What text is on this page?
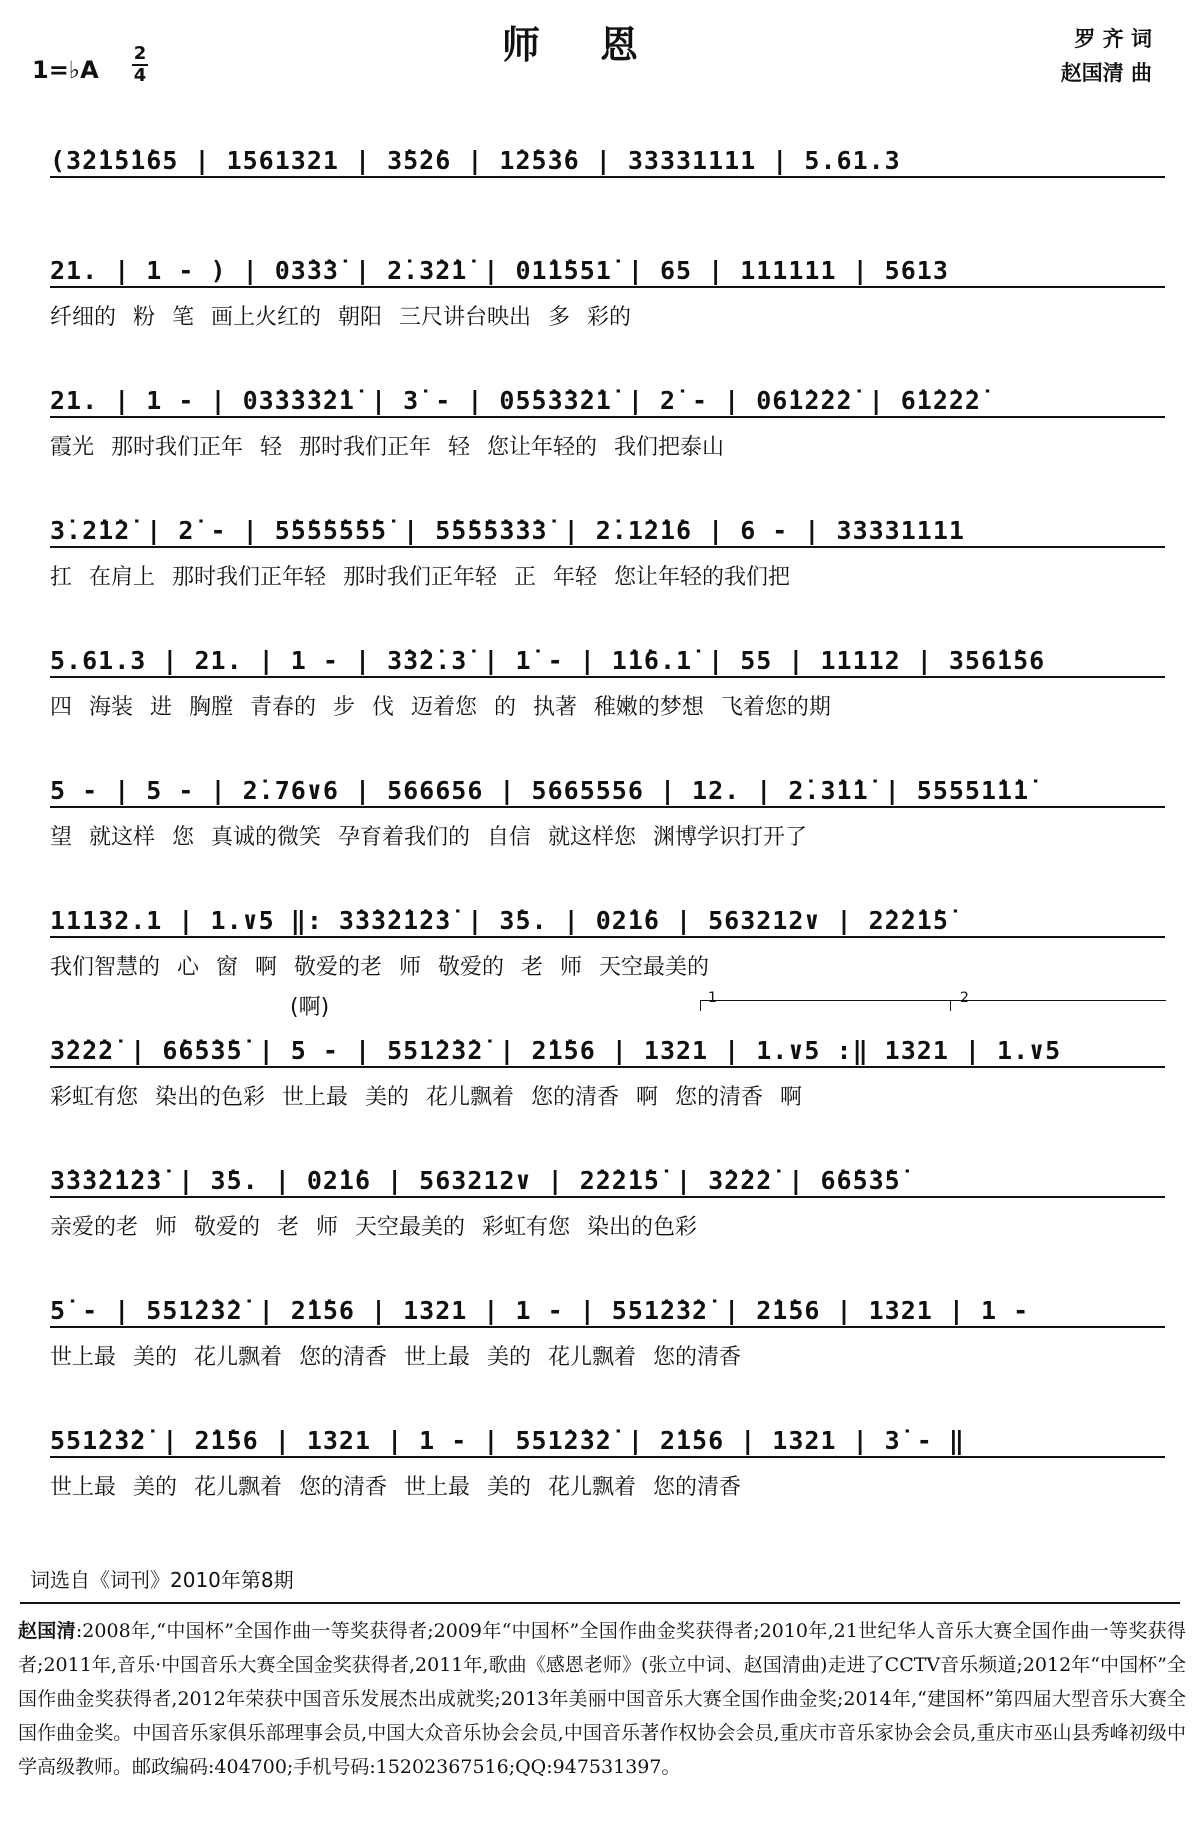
师恩
1=♭A
2
4
罗 齐 词
赵国清 曲
(3̇2̇1̇5̇1̇65 | 1561321 | 3̇5̇2̇6 | 1̇2̇5̇3̇6 | 33331111 | 5.61.3
21. | 1 - ) | 03̇3̇3̇ | 2̇.3̇2̇1̇ | 01̇1̇551̇ | 65 | 111111 | 5613
纤细的 粉 笔 画上火红的 朝阳 三尺讲台映出 多 彩的
21. | 1 - | 03̇3̇3̇3̇2̇1̇ | 3̇ - | 05̇5̇3̇3̇2̇1̇ | 2̇ - | 06̇1̇2̇2̇2̇ | 6̇1̇2̇2̇2̇
霞光 那时我们正年 轻 那时我们正年 轻 您让年轻的 我们把泰山
3̇.2̇1̇2̇ | 2̇ - | 5̇5̇5̇5̇5̇5̇5̇ | 5̇5̇5̇5̇3̇3̇3̇ | 2̇.1̇2̇1̇6 | 6 - | 33331111
扛 在肩上 那时我们正年轻 那时我们正年轻 正 年轻 您让年轻的我们把
5.61.3 | 21. | 1 - | 3̇3̇2̇.3̇ | 1̇ - | 1̇1̇6.1̇ | 55 | 11112 | 356̇1̇56
四 海装 进 胸膛 青春的 步 伐 迈着您 的 执著 稚嫩的梦想 飞着您的期
5 - | 5 - | 2̇.76∨6 | 566656 | 5665556 | 12. | 2̇.3̇1̇1̇ | 55551̇1̇1̇
望 就这样 您 真诚的微笑 孕育着我们的 自信 就这样您 渊博学识打开了
11132.1 | 1.∨5 ‖: 3̇3̇3̇2̇1̇2̇3̇ | 3̇5. | 02̇1̇6 | 563212∨ | 2̇2̇2̇1̇5̇
我们智慧的 心 窗 啊 敬爱的老 师 敬爱的 老 师 天空最美的
3̇2̇2̇2̇ | 6̇6̇5̇3̇5̇ | 5 - | 551̇2̇3̇2̇ | 2̇1̇56 | 1321 | 1.∨5 :‖ 1321 | 1.∨5
彩虹有您 染出的色彩 世上最 美的 花儿飘着 您的清香 啊 您的清香 啊
3̇3̇3̇2̇1̇2̇3̇ | 3̇5. | 02̇1̇6 | 563212∨ | 2̇2̇2̇1̇5̇ | 3̇2̇2̇2̇ | 6̇6̇5̇3̇5̇
亲爱的老 师 敬爱的 老 师 天空最美的 彩虹有您 染出的色彩
5̇ - | 551̇2̇3̇2̇ | 2̇1̇56 | 1321 | 1 - | 551̇2̇3̇2̇ | 2̇1̇56 | 1321 | 1 -
世上最 美的 花儿飘着 您的清香 世上最 美的 花儿飘着 您的清香
551̇2̇3̇2̇ | 2̇1̇56 | 1321 | 1 - | 551̇2̇3̇2̇ | 2̇1̇56 | 1321 | 3̇ - ‖
世上最 美的 花儿飘着 您的清香 世上最 美的 花儿飘着 您的清香
1	2
(啊)
词选自《词刊》2010年第8期
赵国清:2008年,“中国杯”全国作曲一等奖获得者;2009年“中国杯”全国作曲金奖获得者;2010年,21世纪华人音乐大赛全国作曲一等奖获得者;2011年,音乐·中国音乐大赛全国金奖获得者,2011年,歌曲《感恩老师》(张立中词、赵国清曲)走进了CCTV音乐频道;2012年“中国杯”全国作曲金奖获得者,2012年荣获中国音乐发展杰出成就奖;2013年美丽中国音乐大赛全国作曲金奖;2014年,“建国杯”第四届大型音乐大赛全国作曲金奖。中国音乐家俱乐部理事会员,中国大众音乐协会会员,中国音乐著作权协会会员,重庆市音乐家协会会员,重庆市巫山县秀峰初级中学高级教师。邮政编码:404700;手机号码:15202367516;QQ:947531397。
